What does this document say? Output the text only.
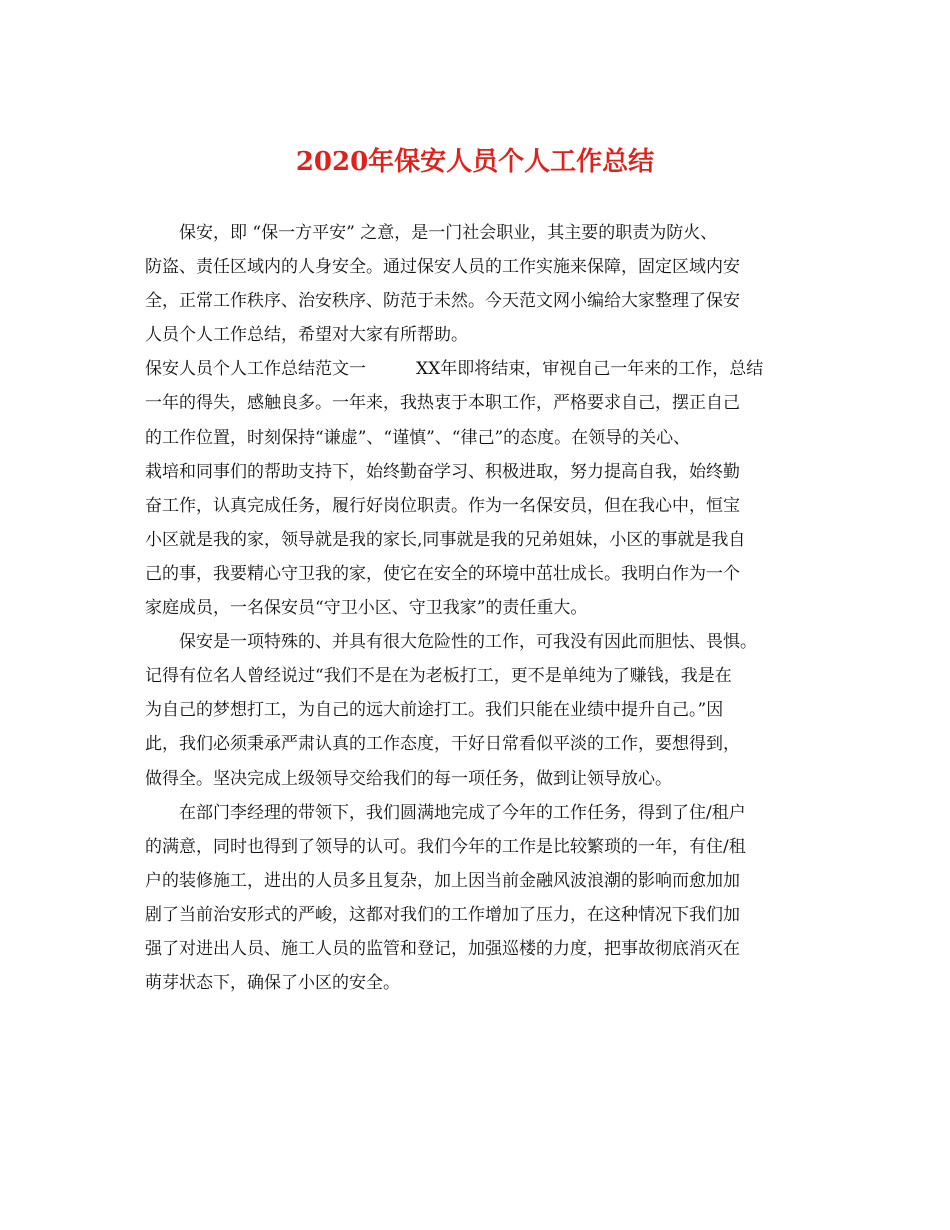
2020年保安人员个人工作总结

保安，即 “保一方平安” 之意，是一门社会职业，其主要的职责为防火、
防盗、责任区域内的人身安全。通过保安人员的工作实施来保障，固定区域内安
全，正常工作秩序、治安秩序、防范于未然。今天范文网小编给大家整理了保安
人员个人工作总结，希望对大家有所帮助。

保安人员个人工作总结范文一	XX年即将结束，审视自己一年来的工作，总结
一年的得失，感触良多。一年来，我热衷于本职工作，严格要求自己，摆正自己
的工作位置，时刻保持“谦虚”、“谨慎”、“律己”的态度。在领导的关心、
栽培和同事们的帮助支持下，始终勤奋学习、积极进取，努力提高自我，始终勤
奋工作，认真完成任务，履行好岗位职责。作为一名保安员，但在我心中，恒宝
小区就是我的家，领导就是我的家长,同事就是我的兄弟姐妹，小区的事就是我自
己的事，我要精心守卫我的家，使它在安全的环境中茁壮成长。我明白作为一个
家庭成员，一名保安员“守卫小区、守卫我家”的责任重大。

保安是一项特殊的、并具有很大危险性的工作，可我没有因此而胆怯、畏惧。
记得有位名人曾经说过“我们不是在为老板打工，更不是单纯为了赚钱，我是在
为自己的梦想打工，为自己的远大前途打工。我们只能在业绩中提升自己。”因
此，我们必须秉承严肃认真的工作态度，干好日常看似平淡的工作，要想得到，
做得全。坚决完成上级领导交给我们的每一项任务，做到让领导放心。

在部门李经理的带领下，我们圆满地完成了今年的工作任务，得到了住/租户
的满意，同时也得到了领导的认可。我们今年的工作是比较繁琐的一年，有住/租
户的装修施工，进出的人员多且复杂，加上因当前金融风波浪潮的影响而愈加加
剧了当前治安形式的严峻，这都对我们的工作增加了压力，在这种情况下我们加
强了对进出人员、施工人员的监管和登记，加强巡楼的力度，把事故彻底消灭在
萌芽状态下，确保了小区的安全。
